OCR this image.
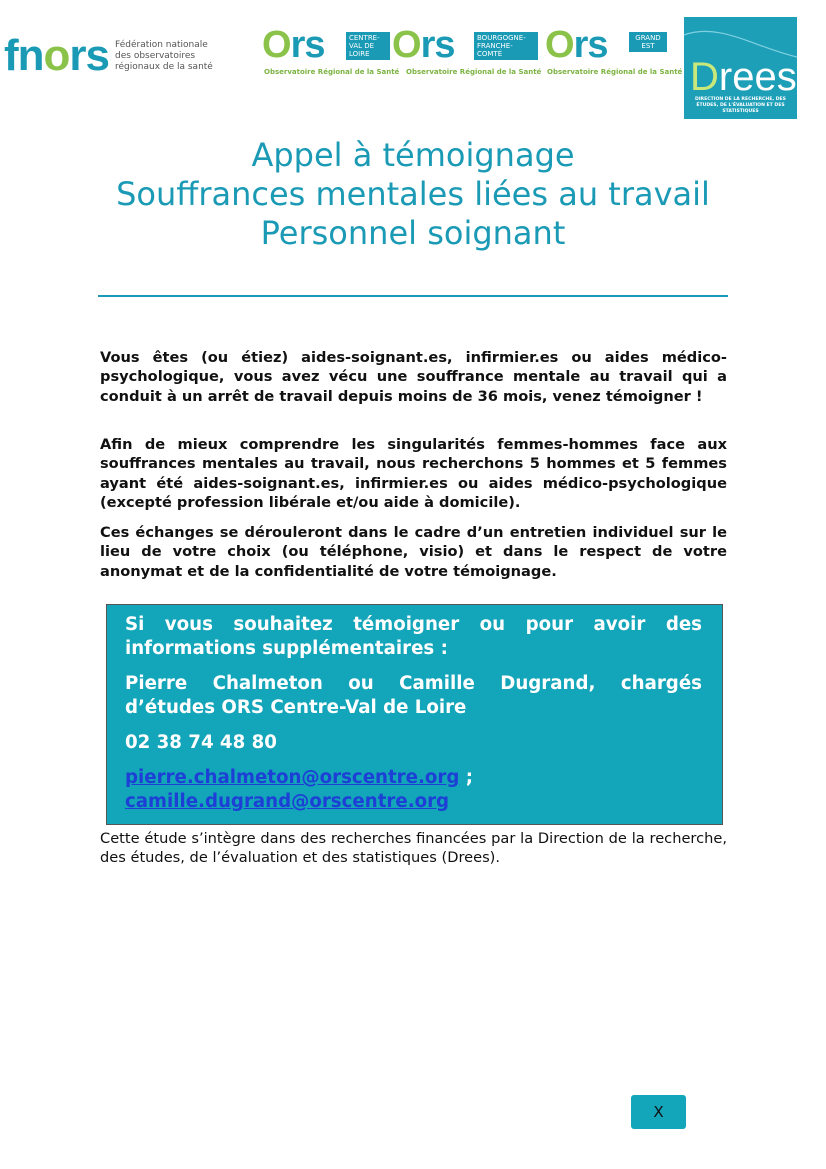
fnors Fédération nationale des observatoires régionaux de la santé
Ors	CENTRE-VAL DE LOIRE
Observatoire Régional de la Santé
Ors	BOURGOGNE-FRANCHE-COMTÉ
Observatoire Régional de la Santé
Ors	GRAND EST
Observatoire Régional de la Santé Drees
DIRECTION DE LA RECHERCHE, DES ÉTUDES, DE L'ÉVALUATION ET DES STATISTIQUES
Appel à témoignage
Souffrances mentales liées au travail
Personnel soignant
Vous êtes (ou étiez) aides-soignant.es, infirmier.es ou aides médico-psychologique, vous avez vécu une souffrance mentale au travail qui a conduit à un arrêt de travail depuis moins de 36 mois, venez témoigner !
Afin de mieux comprendre les singularités femmes-hommes face aux souffrances mentales au travail, nous recherchons 5 hommes et 5 femmes ayant été aides-soignant.es, infirmier.es ou aides médico-psychologique (excepté profession libérale et/ou aide à domicile).
Ces échanges se dérouleront dans le cadre d’un entretien individuel sur le lieu de votre choix (ou téléphone, visio) et dans le respect de votre anonymat et de la confidentialité de votre témoignage.

Si vous souhaitez témoigner ou pour avoir des informations supplémentaires :

Pierre Chalmeton ou Camille Dugrand, chargés d’études ORS Centre-Val de Loire

02 38 74 48 80

pierre.chalmeton@orscentre.org ;
camille.dugrand@orscentre.org

Cette étude s’intègre dans des recherches financées par la Direction de la recherche, des études, de l’évaluation et des statistiques (Drees).
X
